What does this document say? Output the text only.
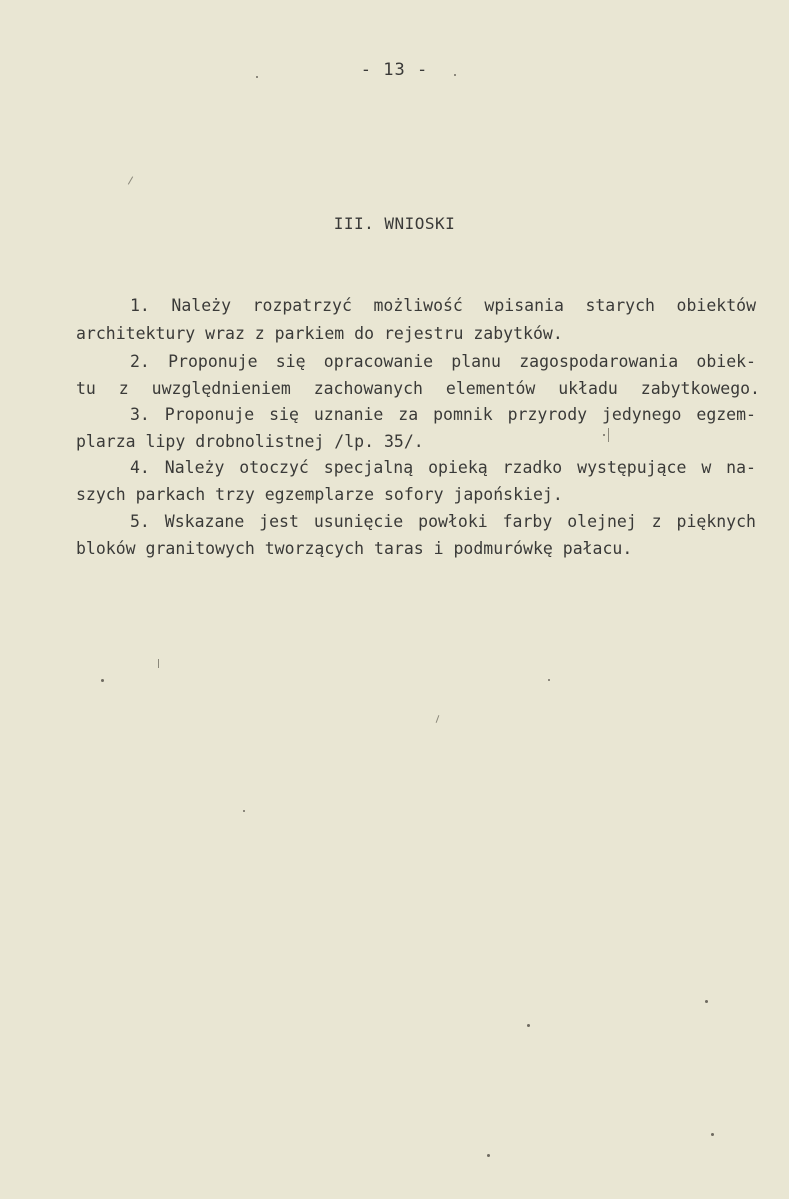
- 13 -
III. WNIOSKI
1. Należy rozpatrzyć możliwość wpisania starych obiektów
architektury wraz z parkiem do rejestru zabytków.
2. Proponuje się opracowanie planu zagospodarowania obiek-
tu z uwzględnieniem zachowanych elementów układu zabytkowego.
3. Proponuje się uznanie za pomnik przyrody jedynego egzem-
plarza lipy drobnolistnej /lp. 35/.
4. Należy otoczyć specjalną opieką rzadko występujące w na-
szych parkach trzy egzemplarze sofory japońskiej.
5. Wskazane jest usunięcie powłoki farby olejnej z pięknych
bloków granitowych tworzących taras i podmurówkę pałacu.
